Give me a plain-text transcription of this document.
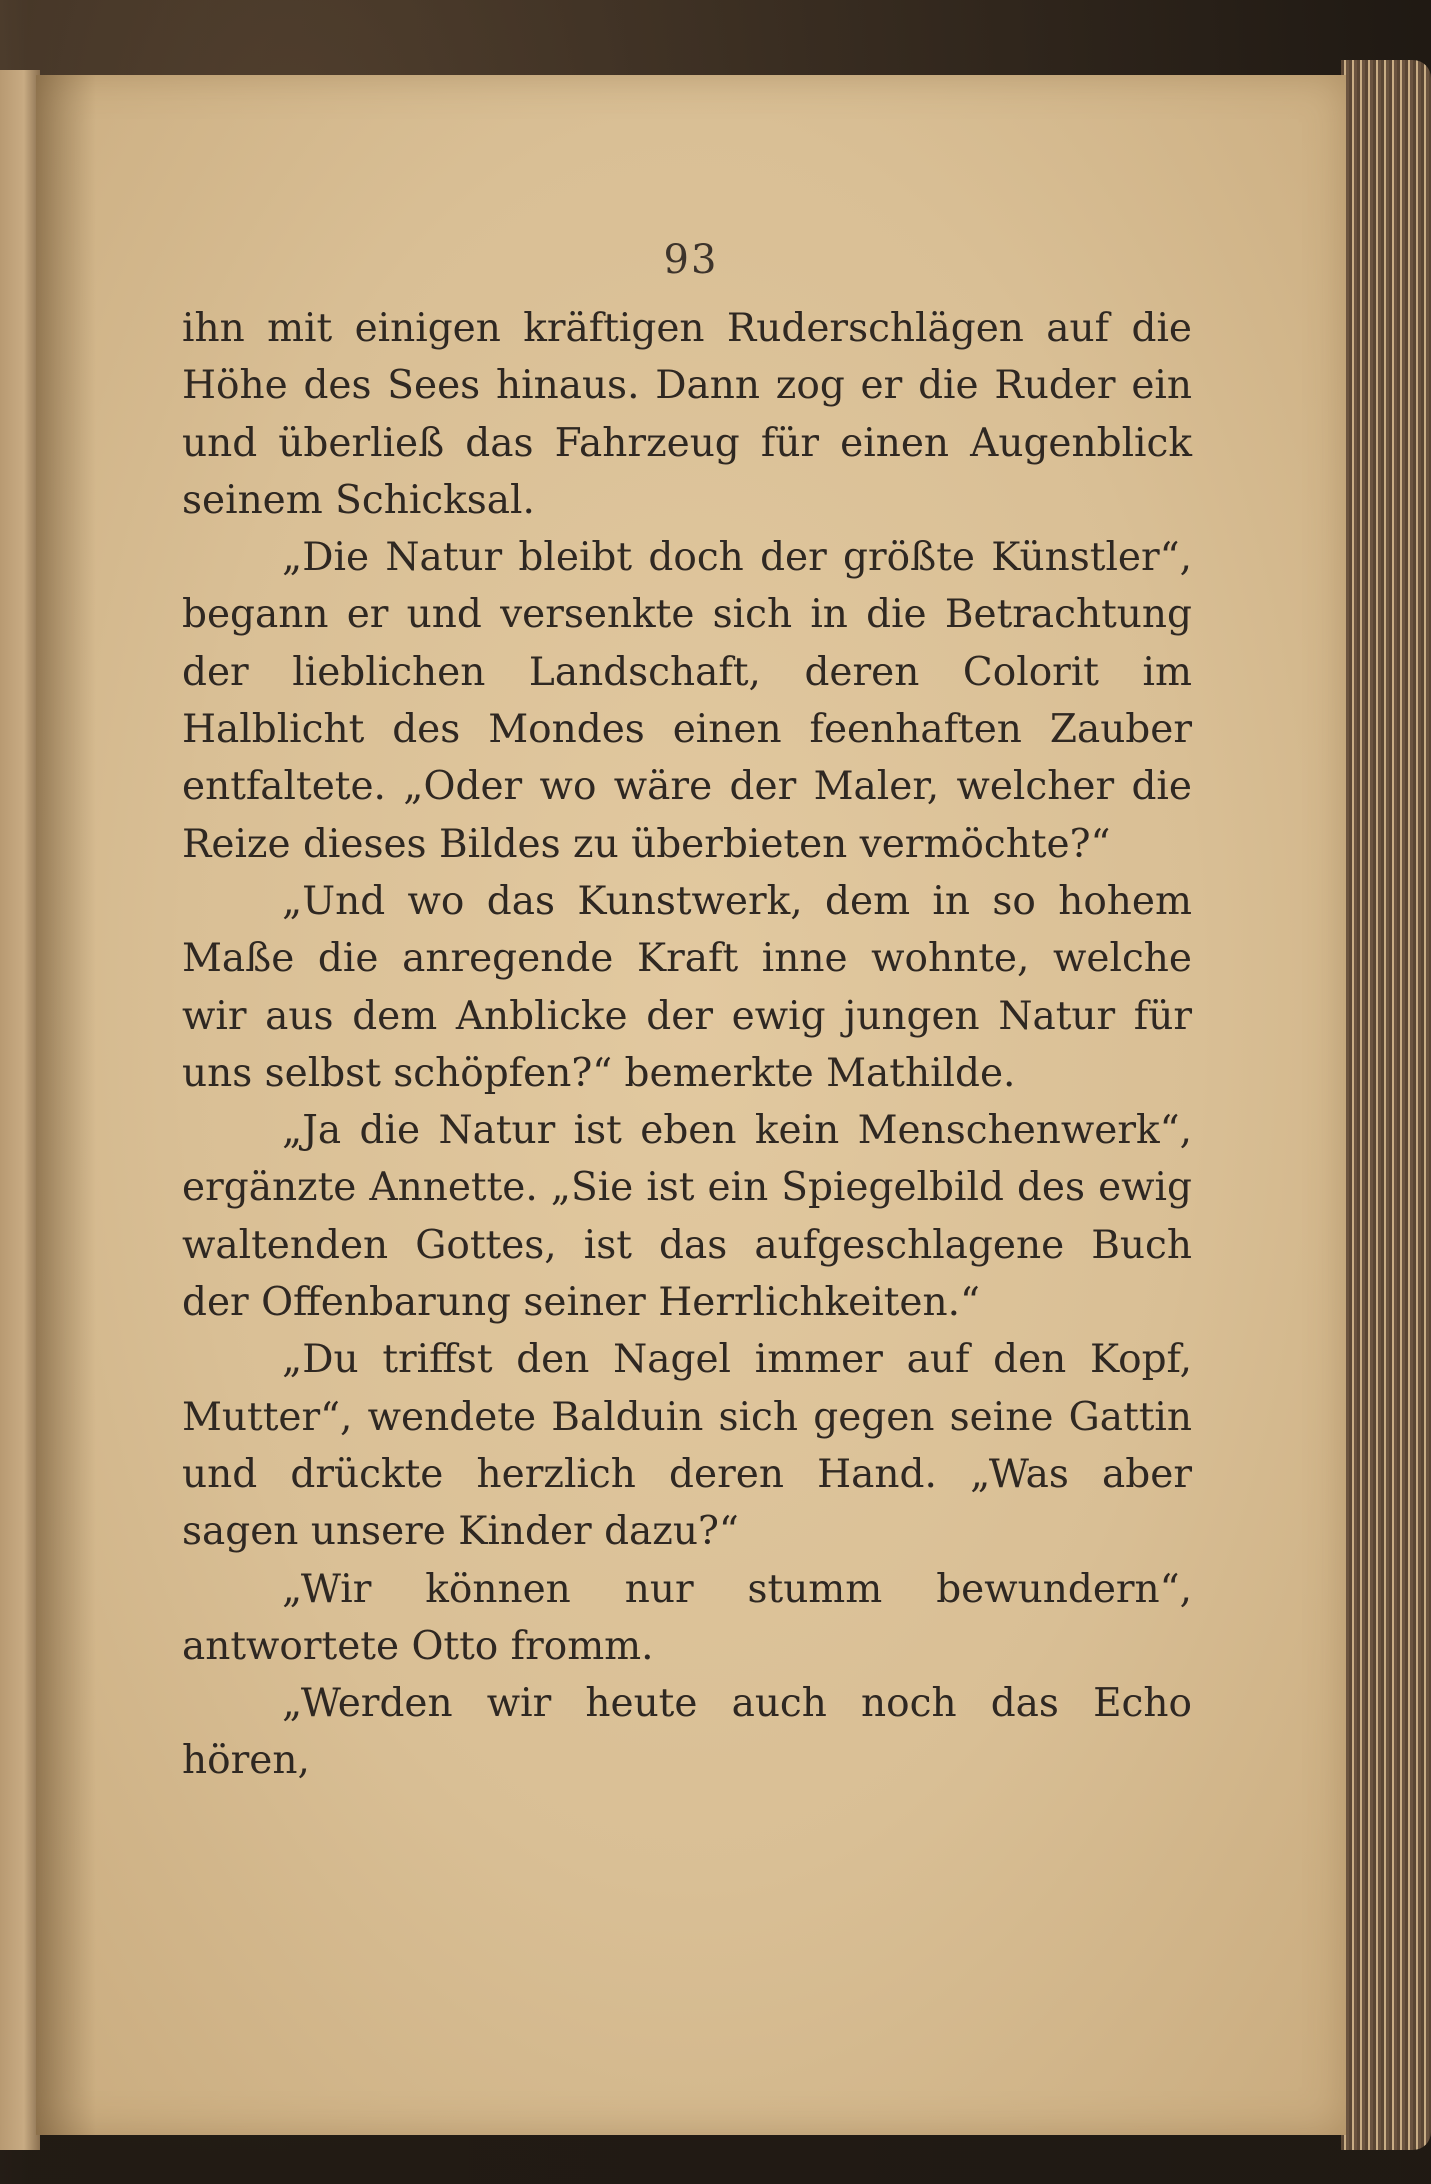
93

ihn mit einigen kräftigen Ruderschlägen auf die Höhe des Sees hinaus. Dann zog er die Ruder ein und überließ das Fahrzeug für einen Augenblick seinem Schicksal.

„Die Natur bleibt doch der größte Künstler“, begann er und versenkte sich in die Betrachtung der lieblichen Landschaft, deren Colorit im Halblicht des Mondes einen feenhaften Zauber entfaltete. „Oder wo wäre der Maler, welcher die Reize dieses Bildes zu überbieten vermöchte?“

„Und wo das Kunstwerk, dem in so hohem Maße die anregende Kraft inne wohnte, welche wir aus dem Anblicke der ewig jungen Natur für uns selbst schöpfen?“ bemerkte Mathilde.

„Ja die Natur ist eben kein Menschenwerk“, ergänzte Annette. „Sie ist ein Spiegelbild des ewig waltenden Gottes, ist das aufgeschlagene Buch der Offenbarung seiner Herrlichkeiten.“

„Du triffst den Nagel immer auf den Kopf, Mutter“, wendete Balduin sich gegen seine Gattin und drückte herzlich deren Hand. „Was aber sagen unsere Kinder dazu?“

„Wir können nur stumm bewundern“, antwortete Otto fromm.

„Werden wir heute auch noch das Echo hören,
